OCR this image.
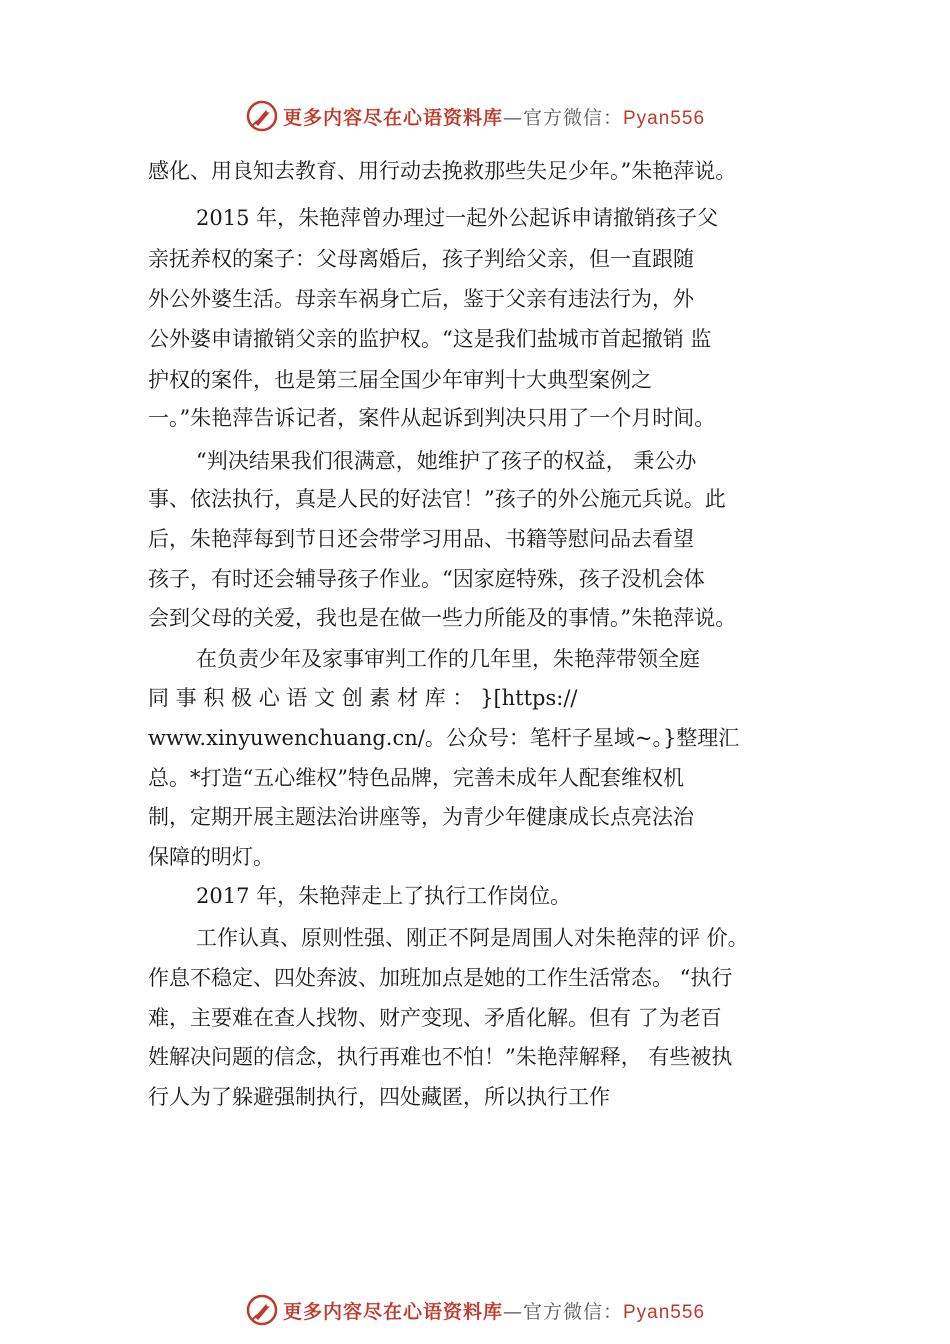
更多内容尽在心语资料库—官方微信：Pyan556
感化、用良知去教育、用行动去挽救那些失足少年。”朱艳萍说。
2015 年，朱艳萍曾办理过一起外公起诉申请撤销孩子父
亲抚养权的案子：父母离婚后，孩子判给父亲，但一直跟随
外公外婆生活。母亲车祸身亡后，鉴于父亲有违法行为，外
公外婆申请撤销父亲的监护权。“这是我们盐城市首起撤销 监
护权的案件，也是第三届全国少年审判十大典型案例之
一。”朱艳萍告诉记者，案件从起诉到判决只用了一个月时间。
“判决结果我们很满意，她维护了孩子的权益， 秉公办
事、依法执行，真是人民的好法官！”孩子的外公施元兵说。此
后，朱艳萍每到节日还会带学习用品、书籍等慰问品去看望
孩子，有时还会辅导孩子作业。“因家庭特殊，孩子没机会体
会到父母的关爱，我也是在做一些力所能及的事情。”朱艳萍说。
在负责少年及家事审判工作的几年里，朱艳萍带领全庭
同 事 积 极 心 语 文 创 素 材 库 ： }[https://
www.xinyuwenchuang.cn/。公众号：笔杆子星域~。}整理汇
总。*打造“五心维权”特色品牌，完善未成年人配套维权机
制，定期开展主题法治讲座等，为青少年健康成长点亮法治
保障的明灯。
2017 年，朱艳萍走上了执行工作岗位。
工作认真、原则性强、刚正不阿是周围人对朱艳萍的评 价。
作息不稳定、四处奔波、加班加点是她的工作生活常态。 “执行
难，主要难在查人找物、财产变现、矛盾化解。但有 了为老百
姓解决问题的信念，执行再难也不怕！”朱艳萍解释， 有些被执
行人为了躲避强制执行，四处藏匿，所以执行工作
更多内容尽在心语资料库—官方微信：Pyan556
